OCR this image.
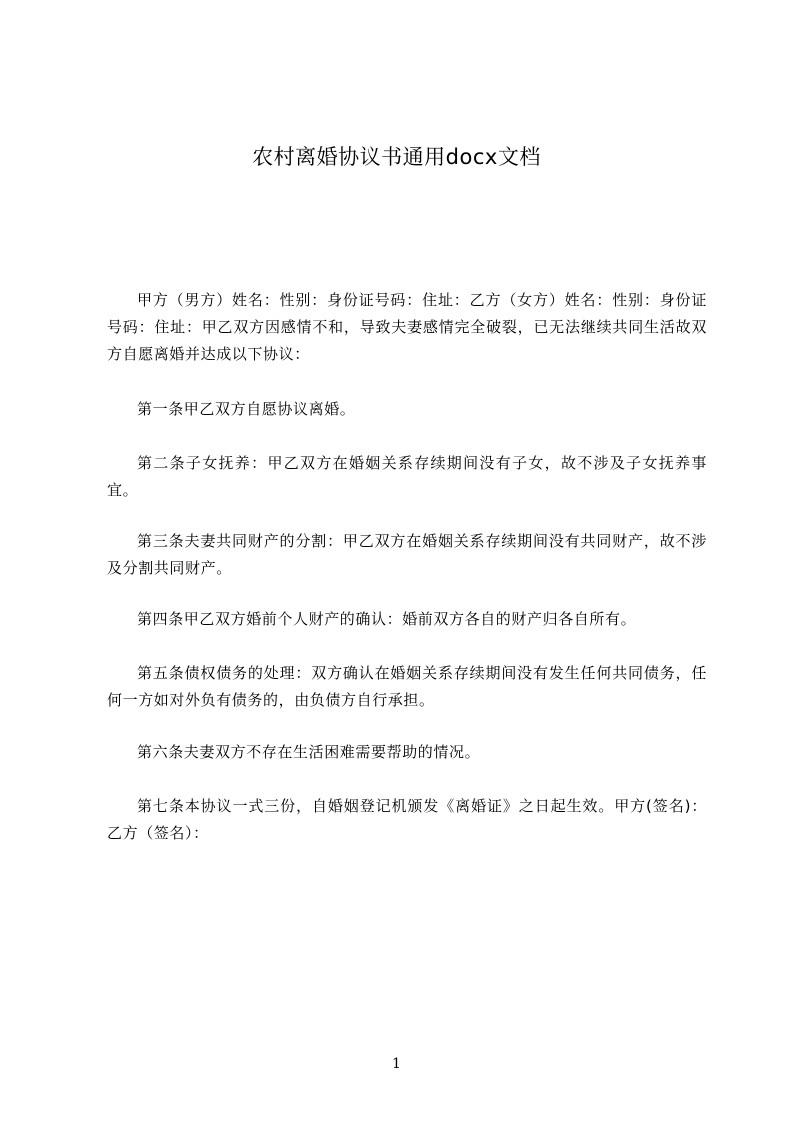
农村离婚协议书通用docx文档
甲方（男方）姓名：性别：身份证号码：住址：乙方（女方）姓名：性别：身份证号码：住址：甲乙双方因感情不和，导致夫妻感情完全破裂，已无法继续共同生活故双方自愿离婚并达成以下协议：
第一条甲乙双方自愿协议离婚。
第二条子女抚养：甲乙双方在婚姻关系存续期间没有子女，故不涉及子女抚养事宜。
第三条夫妻共同财产的分割：甲乙双方在婚姻关系存续期间没有共同财产，故不涉及分割共同财产。
第四条甲乙双方婚前个人财产的确认：婚前双方各自的财产归各自所有。
第五条债权债务的处理：双方确认在婚姻关系存续期间没有发生任何共同债务，任何一方如对外负有债务的，由负债方自行承担。
第六条夫妻双方不存在生活困难需要帮助的情况。
第七条本协议一式三份，自婚姻登记机颁发《离婚证》之日起生效。甲方(签名)：乙方（签名）：
1
